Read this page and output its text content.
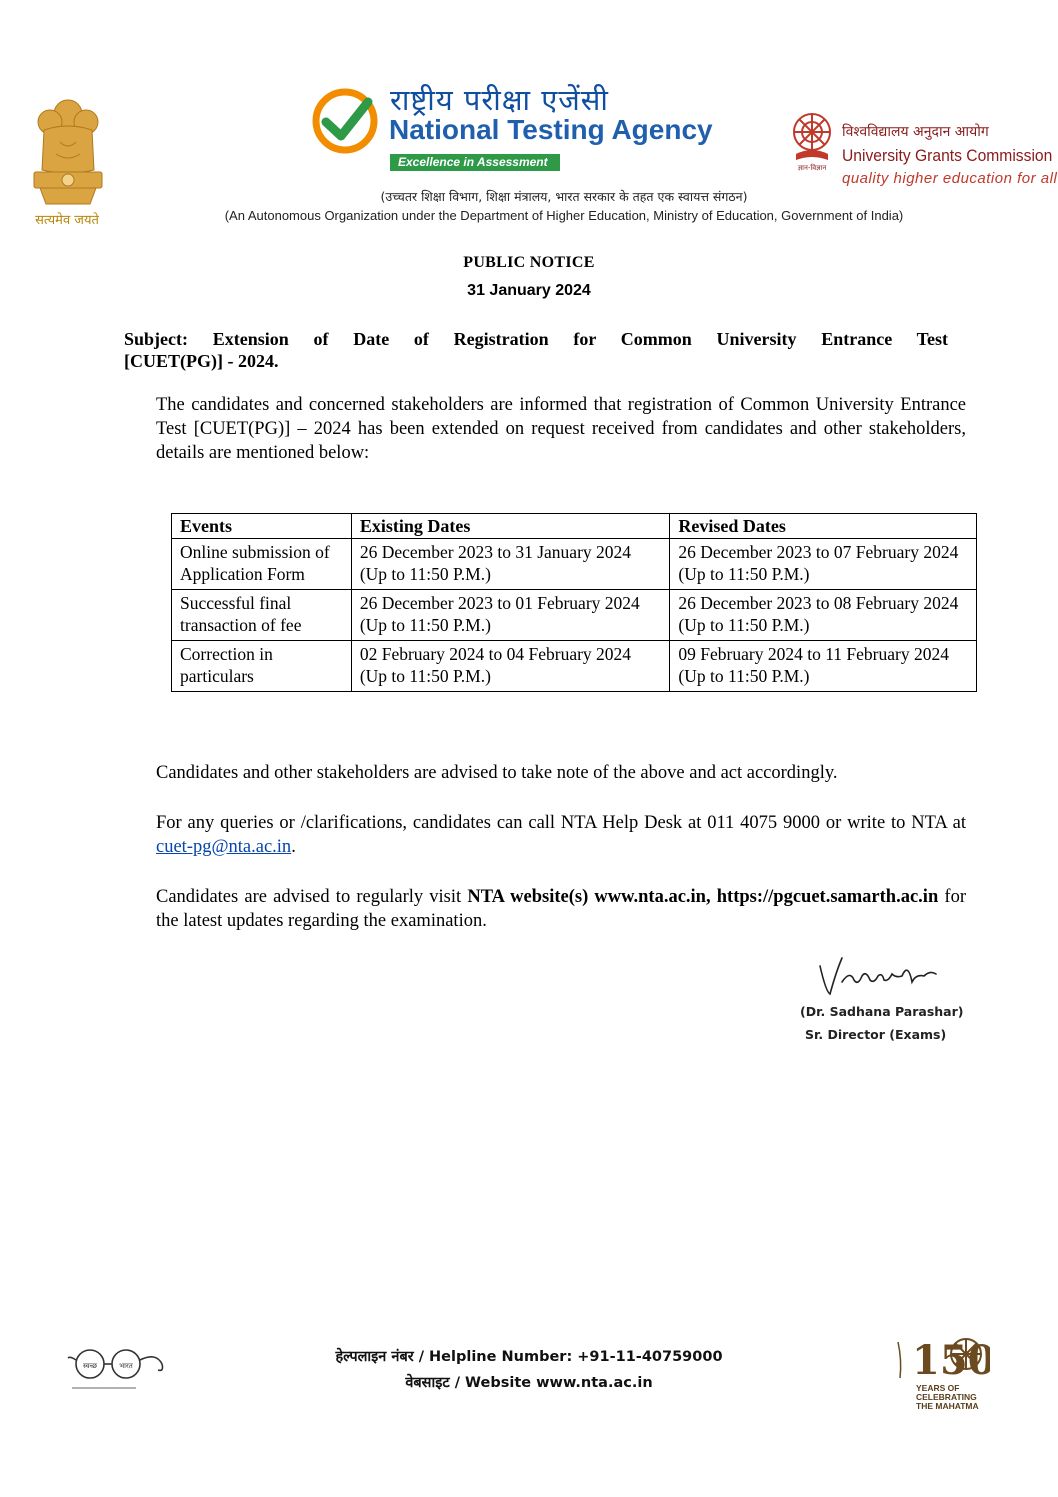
सत्यमेव जयते
राष्ट्रीय परीक्षा एजेंसी
National Testing Agency
Excellence in Assessment	ज्ञान-विज्ञान
विश्वविद्यालय अनुदान आयोग
University Grants Commission
quality higher education for all
(उच्चतर शिक्षा विभाग, शिक्षा मंत्रालय, भारत सरकार के तहत एक स्वायत्त संगठन)
(An Autonomous Organization under the Department of Higher Education, Ministry of Education, Government of India)
PUBLIC NOTICE
31 January 2024
Subject: Extension of Date of Registration for Common University Entrance Test
[CUET(PG)] - 2024.
The candidates and concerned stakeholders are informed that registration of Common University Entrance Test [CUET(PG)] – 2024 has been extended on request received from candidates and other stakeholders, details are mentioned below:
Events	Existing Dates	Revised Dates
Online submission of Application Form	26 December 2023 to 31 January 2024 (Up to 11:50 P.M.)	26 December 2023 to 07 February 2024 (Up to 11:50 P.M.)
Successful final transaction of fee	26 December 2023 to 01 February 2024 (Up to 11:50 P.M.)	26 December 2023 to 08 February 2024 (Up to 11:50 P.M.)
Correction in particulars	02 February 2024 to 04 February 2024 (Up to 11:50 P.M.)	09 February 2024 to 11 February 2024 (Up to 11:50 P.M.)
Candidates and other stakeholders are advised to take note of the above and act accordingly.
For any queries or /clarifications, candidates can call NTA Help Desk at 011 4075 9000 or write to NTA at cuet-pg@nta.ac.in.
Candidates are advised to regularly visit NTA website(s) www.nta.ac.in, https://pgcuet.samarth.ac.in for the latest updates regarding the examination.
(Dr. Sadhana Parashar)
Sr. Director (Exams)
स्वच्छ	भारत
हेल्पलाइन नंबर / Helpline Number: +91-11-40759000
वेबसाइट / Website www.nta.ac.in	150
YEARS OF CELEBRATING THE MAHATMA
